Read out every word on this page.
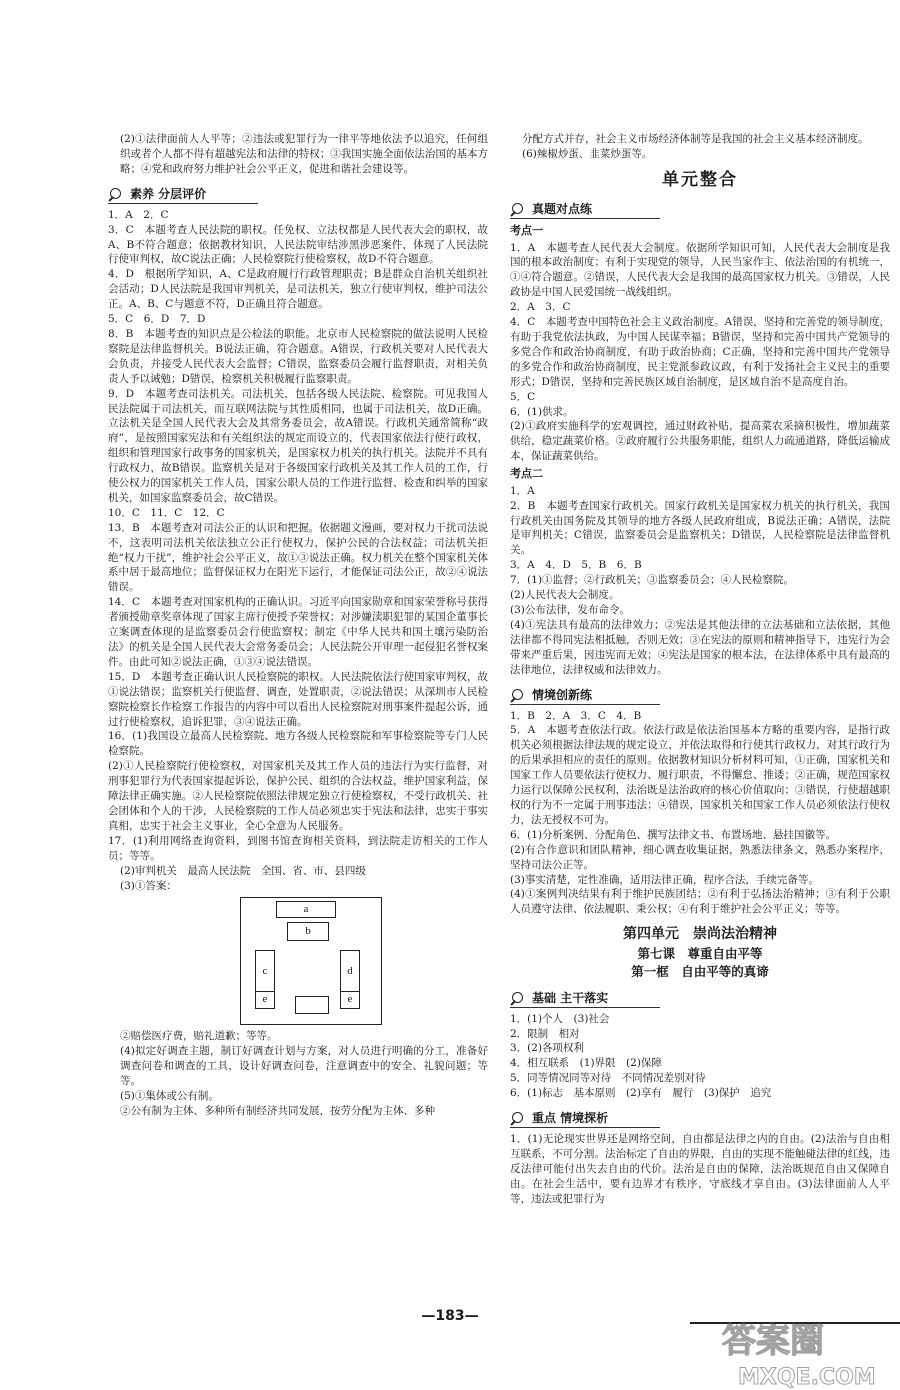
(2)①法律面前人人平等；②违法或犯罪行为一律平等地依法予以追究，任何组织或者个人都不得有超越宪法和法律的特权；③我国实施全面依法治国的基本方略；④党和政府努力维护社会公平正义，促进和谐社会建设等。

素养 分层评价

1．A　2．C

3．C　本题考查人民法院的职权。任免权、立法权都是人民代表大会的职权，故A、B不符合题意；依据教材知识，人民法院审结涉黑涉恶案件，体现了人民法院行使审判权，故C说法正确；人民检察院行使检察权，故D不符合题意。

4．D　根据所学知识，A、C是政府履行行政管理职责；B是群众自治机关组织社会活动；D人民法院是我国审判机关，是司法机关，独立行使审判权，维护司法公正。A、B、C与题意不符，D正确且符合题意。

5．C　6．D　7．D

8．B　本题考查的知识点是公检法的职能。北京市人民检察院的做法说明人民检察院是法律监督机关。B说法正确，符合题意。A错误，行政机关要对人民代表大会负责，并接受人民代表大会监督；C错误，监察委员会履行监督职责，对相关负责人予以诫勉；D错误，检察机关积极履行监察职责。

9．D　本题考查司法机关。司法机关，包括各级人民法院、检察院。可见我国人民法院属于司法机关，而互联网法院与其性质相同，也属于司法机关，故D正确。立法机关是全国人民代表大会及其常务委员会，故A错误。行政机关通常简称“政府”，是按照国家宪法和有关组织法的规定而设立的，代表国家依法行使行政权，组织和管理国家行政事务的国家机关，是国家权力机关的执行机关。法院并不具有行政权力，故B错误。监察机关是对于各级国家行政机关及其工作人员的工作，行使公权力的国家机关工作人员，国家公职人员的工作进行监督、检查和纠举的国家机关，如国家监察委员会，故C错误。

10．C　11．C　12．C

13．B　本题考查对司法公正的认识和把握。依据题文漫画，要对权力干扰司法说不，这表明司法机关依法独立公正行使权力，保护公民的合法权益；司法机关拒绝“权力干扰”，维护社会公平正义，故①③说法正确。权力机关在整个国家机关体系中居于最高地位；监督保证权力在阳光下运行，才能保证司法公正，故②④说法错误。

14．C　本题考查对国家机构的正确认识。习近平向国家勋章和国家荣誉称号获得者颁授勋章奖章体现了国家主席行使授予荣誉权；对涉嫌渎职犯罪的某国企董事长立案调查体现的是监察委员会行使监察权；制定《中华人民共和国土壤污染防治法》的机关是全国人民代表大会常务委员会；人民法院公开审理一起侵犯名誉权案件。由此可知②说法正确，①③④说法错误。

15．D　本题考查正确认识人民检察院的职权。人民法院依法行使国家审判权，故①说法错误；监察机关行使监督、调查，处置职责，②说法错误；从深圳市人民检察院检察长作检察工作报告的内容中可以看出人民检察院对刑事案件提起公诉，通过行使检察权，追诉犯罪，③④说法正确。

16．(1)我国设立最高人民检察院、地方各级人民检察院和军事检察院等专门人民检察院。

(2)①人民检察院行使检察权，对国家机关及其工作人员的违法行为实行监督，对刑事犯罪行为代表国家提起诉讼，保护公民、组织的合法权益，维护国家利益，保障法律正确实施。②人民检察院依照法律规定独立行使检察权，不受行政机关、社会团体和个人的干涉，人民检察院的工作人员必须忠实于宪法和法律，忠实于事实真相，忠实于社会主义事业，全心全意为人民服务。

17．(1)利用网络查询资料，到图书馆查询相关资料，到法院走访相关的工作人员；等等。

(2)审判机关　最高人民法院　全国、省、市、县四级

(3)①答案：

a
b
c	d
e	e

②赔偿医疗费，赔礼道歉；等等。

(4)拟定好调查主题，制订好调查计划与方案，对人员进行明确的分工，准备好调查问卷和调查的工具，设计好调查问卷，注意调查中的安全、礼貌问题；等等。

(5)①集体或公有制。

②公有制为主体、多种所有制经济共同发展，按劳分配为主体、多种

分配方式并存，社会主义市场经济体制等是我国的社会主义基本经济制度。

(6)辣椒炒蛋、韭菜炒蛋等。

单元整合
真题对点练
考点一

1．A　本题考查人民代表大会制度。依据所学知识可知，人民代表大会制度是我国的根本政治制度；有利于实现党的领导，人民当家作主、依法治国的有机统一，①④符合题意。②错误，人民代表大会是我国的最高国家权力机关。③错误，人民政协是中国人民爱国统一战线组织。

2．A　3．C

4．C　本题考查中国特色社会主义政治制度。A错误，坚持和完善党的领导制度，有助于我党依法执政，为中国人民谋幸福；B错误，坚持和完善中国共产党领导的多党合作和政治协商制度，有助于政治协商；C正确，坚持和完善中国共产党领导的多党合作和政治协商制度，民主党派参政议政，有利于发扬社会主义民主的重要形式；D错误，坚持和完善民族区域自治制度，是区域自治不是高度自治。

5．C

6．(1)供求。

(2)①政府实施科学的宏观调控，通过财政补贴，提高菜农采摘积极性，增加蔬菜供给，稳定蔬菜价格。②政府履行公共服务职能，组织人力疏通道路，降低运输成本，保证蔬菜供给。

考点二

1．A

2．B　本题考查国家行政机关。国家行政机关是国家权力机关的执行机关，我国行政机关由国务院及其领导的地方各级人民政府组成，B说法正确；A错误，法院是审判机关；C错误，监察委员会是监察机关；D错误，人民检察院是法律监督机关。

3．A　4．D　5．B　6．B

7．(1)①监督；②行政机关；③监察委员会；④人民检察院。

(2)人民代表大会制度。

(3)公布法律，发布命令。

(4)①宪法具有最高的法律效力；②宪法是其他法律的立法基础和立法依据，其他法律都不得同宪法相抵触，否则无效；③在宪法的原则和精神指导下，违宪行为会带来严重后果，因违宪而无效；④宪法是国家的根本法，在法律体系中具有最高的法律地位，法律权威和法律效力。

情境创新练

1．B　2．A　3．C　4．B

5．A　本题考查依法行政。依法行政是依法治国基本方略的重要内容，是指行政机关必须根据法律法规的规定设立，并依法取得和行使其行政权力，对其行政行为的后果承担相应的责任的原则。依据教材知识分析材料可知，①正确，国家机关和国家工作人员要依法行使权力、履行职责，不得懈怠、推诿；②正确，规范国家权力运行以保障公民权利，法治既是法治政府的核心价值取向；③错误，行使超越职权的行为不一定属于刑事违法；④错误，国家机关和国家工作人员必须依法行使权力，法无授权不可为。

6．(1)分析案例、分配角色、撰写法律文书、布置场地、悬挂国徽等。

(2)有合作意识和团队精神，细心调查收集证据，熟悉法律条文，熟悉办案程序，坚持司法公正等。

(3)事实清楚，定性准确，适用法律正确，程序合法，手续完备等。

(4)①案例判决结果有利于维护民族团结；②有利于弘扬法治精神；③有利于公职人员遵守法律、依法履职、秉公权；④有利于维护社会公平正义；等等。

第四单元　崇尚法治精神
第七课　尊重自由平等
第一框　自由平等的真谛
基础 主干落实

1．(1)个人　(3)社会

2．限制　相对

3．(2)各项权利

4．相互联系　(1)界限　(2)保障

5．同等情况同等对待　不同情况差别对待

6．(1)标志　基本原则　(2)享有　履行　(3)保护　追究

重点 情境探析

1．(1)无论现实世界还是网络空间，自由都是法律之内的自由。(2)法治与自由相互联系，不可分割。法治标定了自由的界限，自由的实现不能触碰法律的红线，违反法律可能付出失去自由的代价。法治是自由的保障，法治既规范自由又保障自由。在社会生活中，要有边界才有秩序，守底线才享自由。(3)法律面前人人平等，违法或犯罪行为

—183—
答案圈
MXQE.COM
